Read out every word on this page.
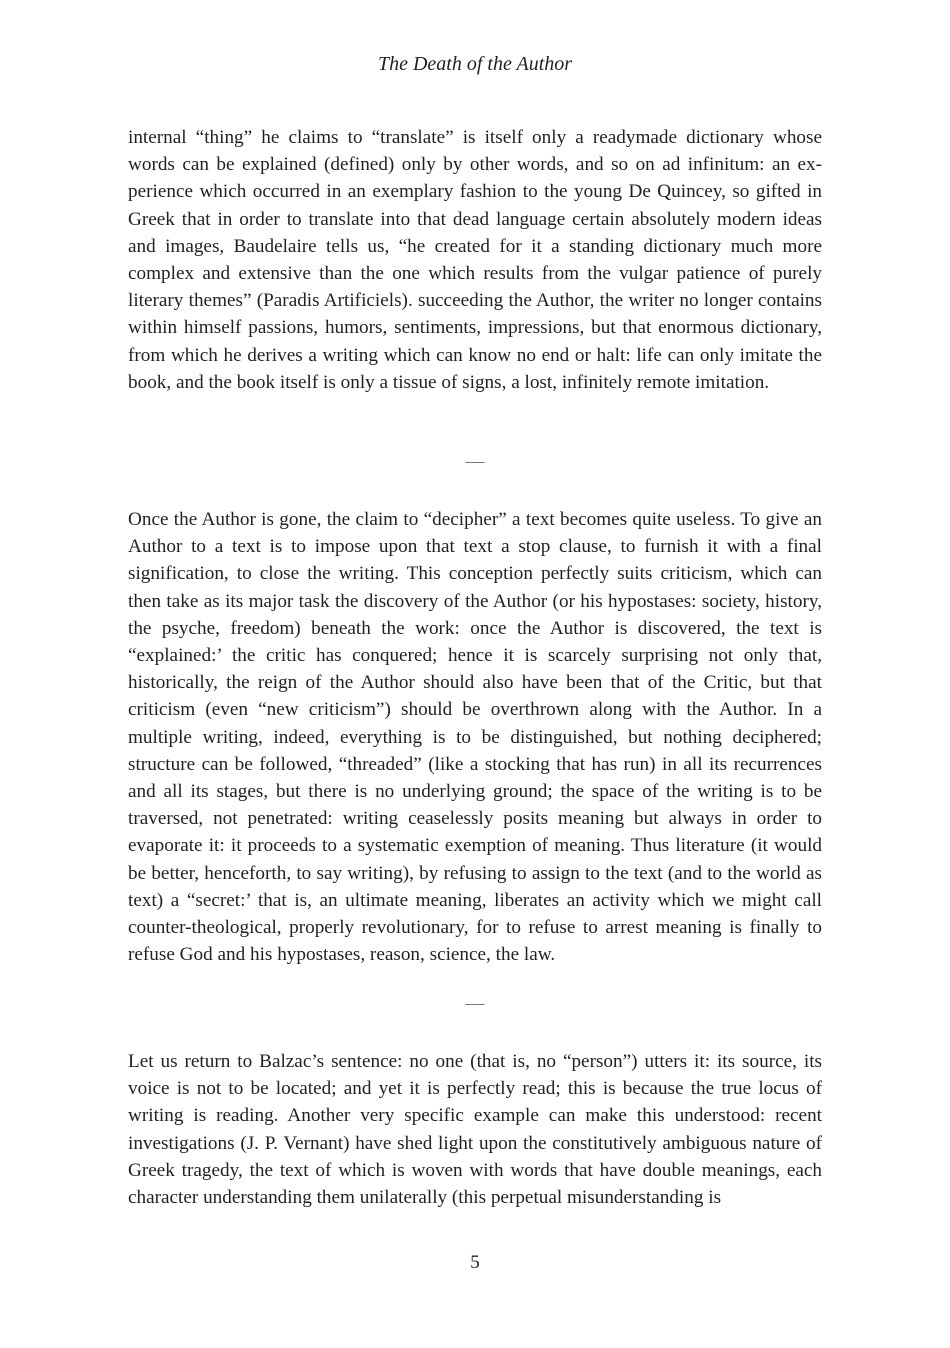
The Death of the Author

internal “thing” he claims to “translate” is itself only a readymade dictionary whose words can be explained (defined) only by other words, and so on ad infinitum: an experience which occurred in an exemplary fashion to the young De Quincey, so gifted in Greek that in order to translate into that dead language certain absolutely modern ideas and images, Baudelaire tells us, “he created for it a standing dictionary much more complex and extensive than the one which results from the vulgar patience of purely literary themes” (Paradis Artificiels). succeeding the Author, the writer no longer contains within himself passions, humors, sentiments, impressions, but that enormous dictionary, from which he derives a writing which can know no end or halt: life can only imitate the book, and the book itself is only a tissue of signs, a lost, infinitely remote imitation.

—

Once the Author is gone, the claim to “decipher” a text becomes quite useless. To give an Author to a text is to impose upon that text a stop clause, to furnish it with a final signification, to close the writing. This conception perfectly suits criticism, which can then take as its major task the discovery of the Author (or his hypostases: society, history, the psyche, freedom) beneath the work: once the Author is discovered, the text is “explained:’ the critic has conquered; hence it is scarcely surprising not only that, historically, the reign of the Author should also have been that of the Critic, but that criticism (even “new criticism”) should be overthrown along with the Author. In a multiple writing, indeed, everything is to be distinguished, but nothing deciphered; structure can be followed, “threaded” (like a stocking that has run) in all its recurrences and all its stages, but there is no underlying ground; the space of the writing is to be traversed, not penetrated: writing ceaselessly posits meaning but always in order to evaporate it: it proceeds to a systematic exemption of meaning. Thus literature (it would be better, henceforth, to say writing), by refusing to assign to the text (and to the world as text) a “secret:’ that is, an ultimate meaning, liberates an activity which we might call counter-theological, properly revolutionary, for to refuse to arrest meaning is finally to refuse God and his hypostases, reason, science, the law.

—

Let us return to Balzac’s sentence: no one (that is, no “person”) utters it: its source, its voice is not to be located; and yet it is perfectly read; this is because the true locus of writing is reading. Another very specific example can make this understood: recent investigations (J. P. Vernant) have shed light upon the constitutively ambiguous nature of Greek tragedy, the text of which is woven with words that have double meanings, each character understanding them unilaterally (this perpetual misunderstanding is

5
